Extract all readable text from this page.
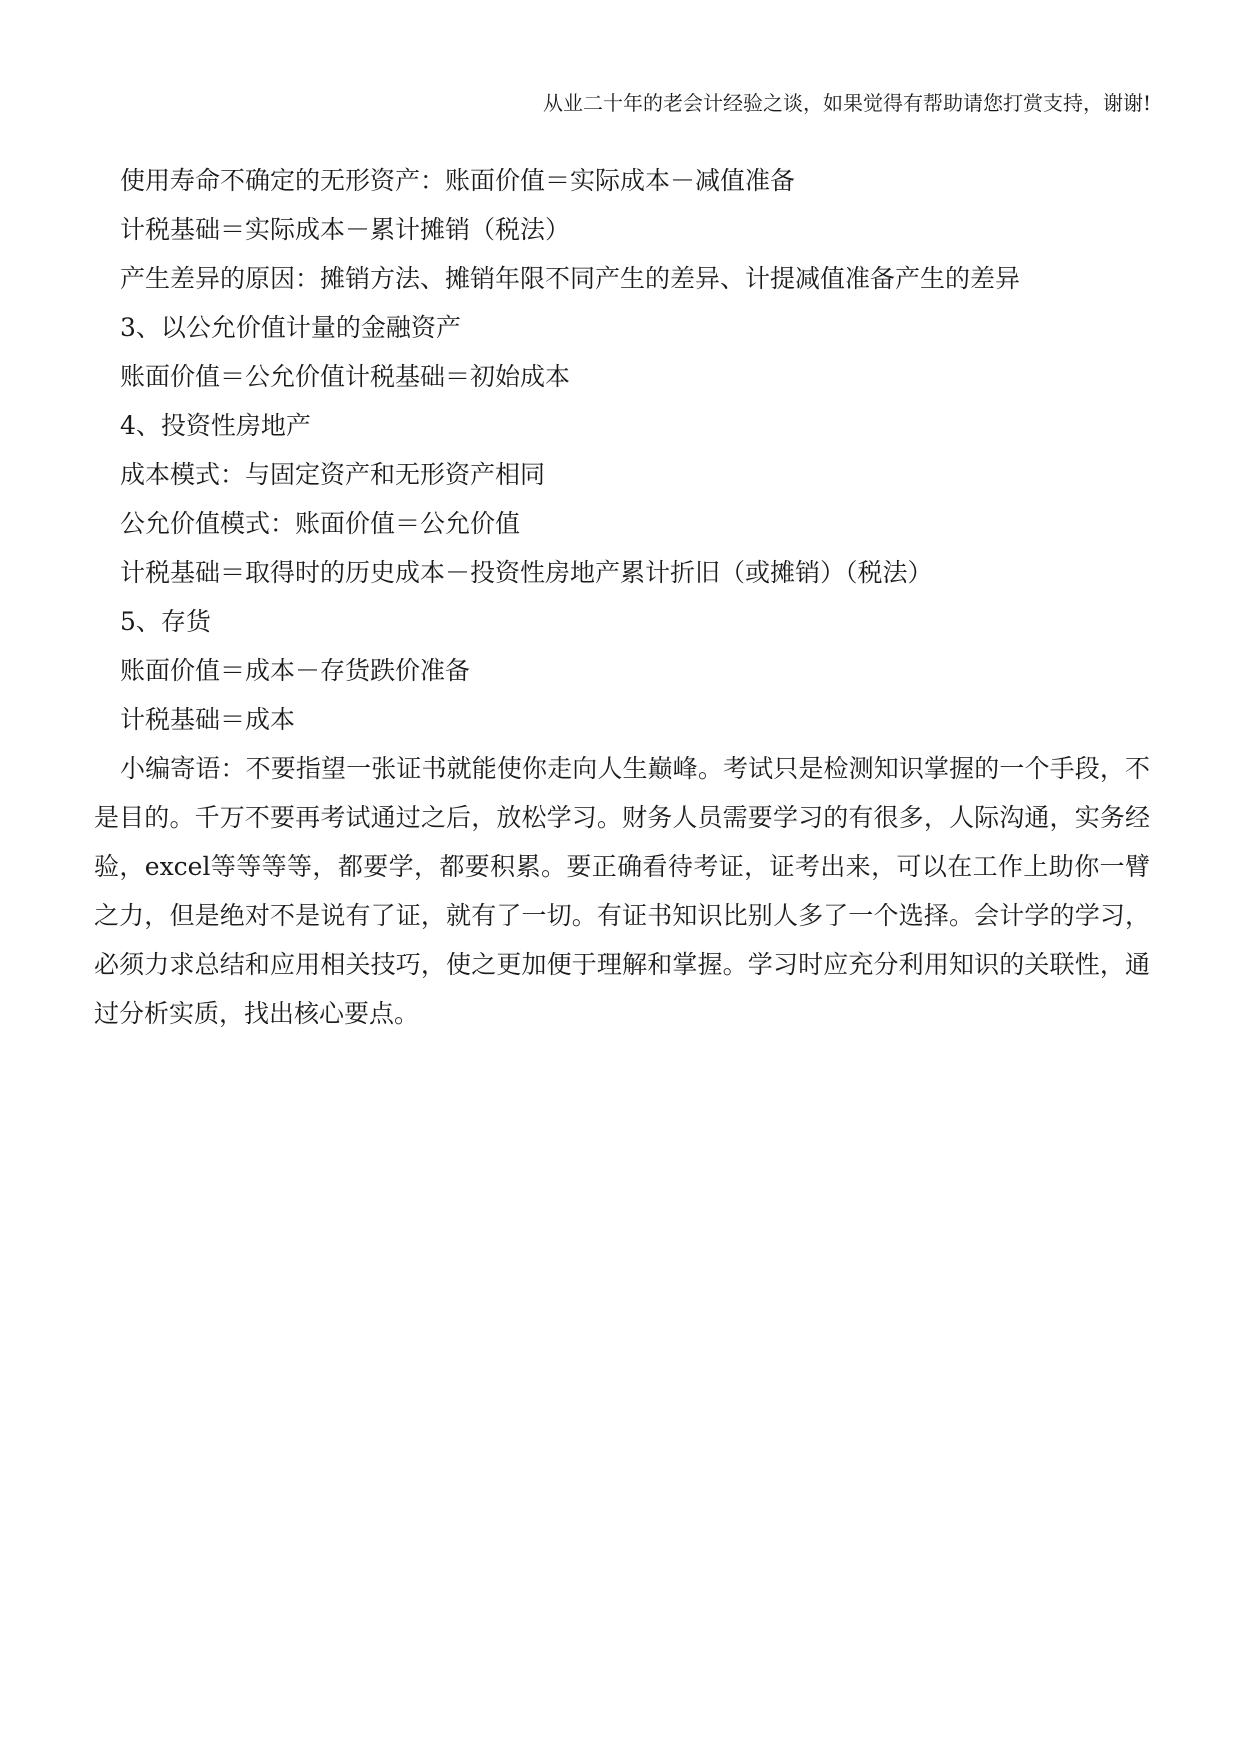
从业二十年的老会计经验之谈，如果觉得有帮助请您打赏支持，谢谢!
使用寿命不确定的无形资产：账面价值＝实际成本－减值准备
计税基础＝实际成本－累计摊销（税法）
产生差异的原因：摊销方法、摊销年限不同产生的差异、计提减值准备产生的差异
3、以公允价值计量的金融资产
账面价值＝公允价值计税基础＝初始成本
4、投资性房地产
成本模式：与固定资产和无形资产相同
公允价值模式：账面价值＝公允价值
计税基础＝取得时的历史成本－投资性房地产累计折旧（或摊销）（税法）
5、存货
账面价值＝成本－存货跌价准备
计税基础＝成本

小编寄语：不要指望一张证书就能使你走向人生巅峰。考试只是检测知识掌握的一个手段，不是目的。千万不要再考试通过之后，放松学习。财务人员需要学习的有很多，人际沟通，实务经验，excel等等等等，都要学，都要积累。要正确看待考证，证考出来，可以在工作上助你一臂之力，但是绝对不是说有了证，就有了一切。有证书知识比别人多了一个选择。会计学的学习，必须力求总结和应用相关技巧，使之更加便于理解和掌握。学习时应充分利用知识的关联性，通过分析实质，找出核心要点。
